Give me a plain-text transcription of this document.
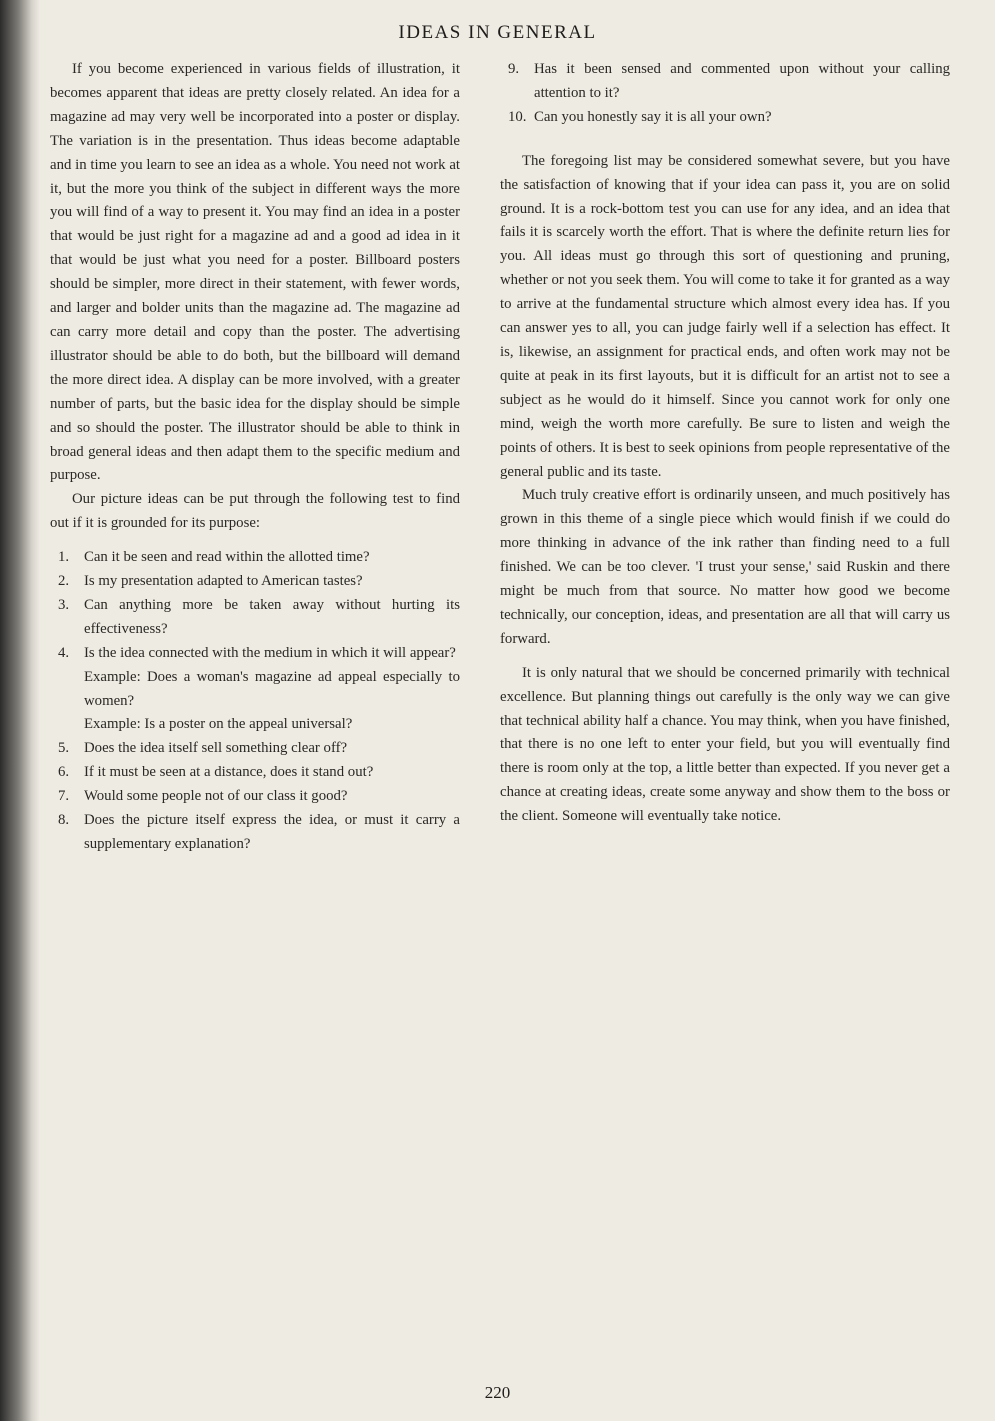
IDEAS IN GENERAL

If you become experienced in various fields of illustration, it becomes apparent that ideas are pretty closely related. An idea for a magazine ad may very well be incorporated into a poster or display. The variation is in the presentation. Thus ideas become adaptable and in time you learn to see an idea as a whole. You need not work at it, but the more you think of the subject in different ways the more you will find of a way to present it. You may find an idea in a poster that would be just right for a magazine ad and a good ad idea in it that would be just what you need for a poster. Billboard posters should be simpler, more direct in their statement, with fewer words, and larger and bolder units than the magazine ad. The magazine ad can carry more detail and copy than the poster. The advertising illustrator should be able to do both, but the billboard will demand the more direct idea. A display can be more involved, with a greater number of parts, but the basic idea for the display should be simple and so should the poster. The illustrator should be able to think in broad general ideas and then adapt them to the specific medium and purpose.

Our picture ideas can be put through the following test to find out if it is grounded for its purpose:

1. Can it be seen and read within the allotted time?
2. Is my presentation adapted to American tastes?
3. Can anything more be taken away without hurting its effectiveness?
4. Is the idea connected with the medium in which it will appear?
Example: Does a woman's magazine ad appeal especially to women?
Example: Is a poster on the appeal universal?
5. Does the idea itself sell something clear off?
6. If it must be seen at a distance, does it stand out?
7. Would some people not of our class it good?
8. Does the picture itself express the idea, or must it carry a supplementary explanation?
9. Has it been sensed and commented upon without your calling attention to it?
10. Can you honestly say it is all your own?

The foregoing list may be considered somewhat severe, but you have the satisfaction of knowing that if your idea can pass it, you are on solid ground. It is a rock-bottom test you can use for any idea, and an idea that fails it is scarcely worth the effort. That is where the definite return lies for you. All ideas must go through this sort of questioning and pruning, whether or not you seek them. You will come to take it for granted as a way to arrive at the fundamental structure which almost every idea has. If you can answer yes to all, you can judge fairly well if a selection has effect. It is, likewise, an assignment for practical ends, and often work may not be quite at peak in its first layouts, but it is difficult for an artist not to see a subject as he would do it himself. Since you cannot work for only one mind, weigh the worth more carefully. Be sure to listen and weigh the points of others. It is best to seek opinions from people representative of the general public and its taste.

Much truly creative effort is ordinarily unseen, and much positively has grown in this theme of a single piece which would finish if we could do more thinking in advance of the ink rather than finding need to a full finished. We can be too clever. 'I trust your sense,' said Ruskin and there might be much from that source. No matter how good we become technically, our conception, ideas, and presentation are all that will carry us forward.

It is only natural that we should be concerned primarily with technical excellence. But planning things out carefully is the only way we can give that technical ability half a chance. You may think, when you have finished, that there is no one left to enter your field, but you will eventually find there is room only at the top, a little better than expected. If you never get a chance at creating ideas, create some anyway and show them to the boss or the client. Someone will eventually take notice.

220
